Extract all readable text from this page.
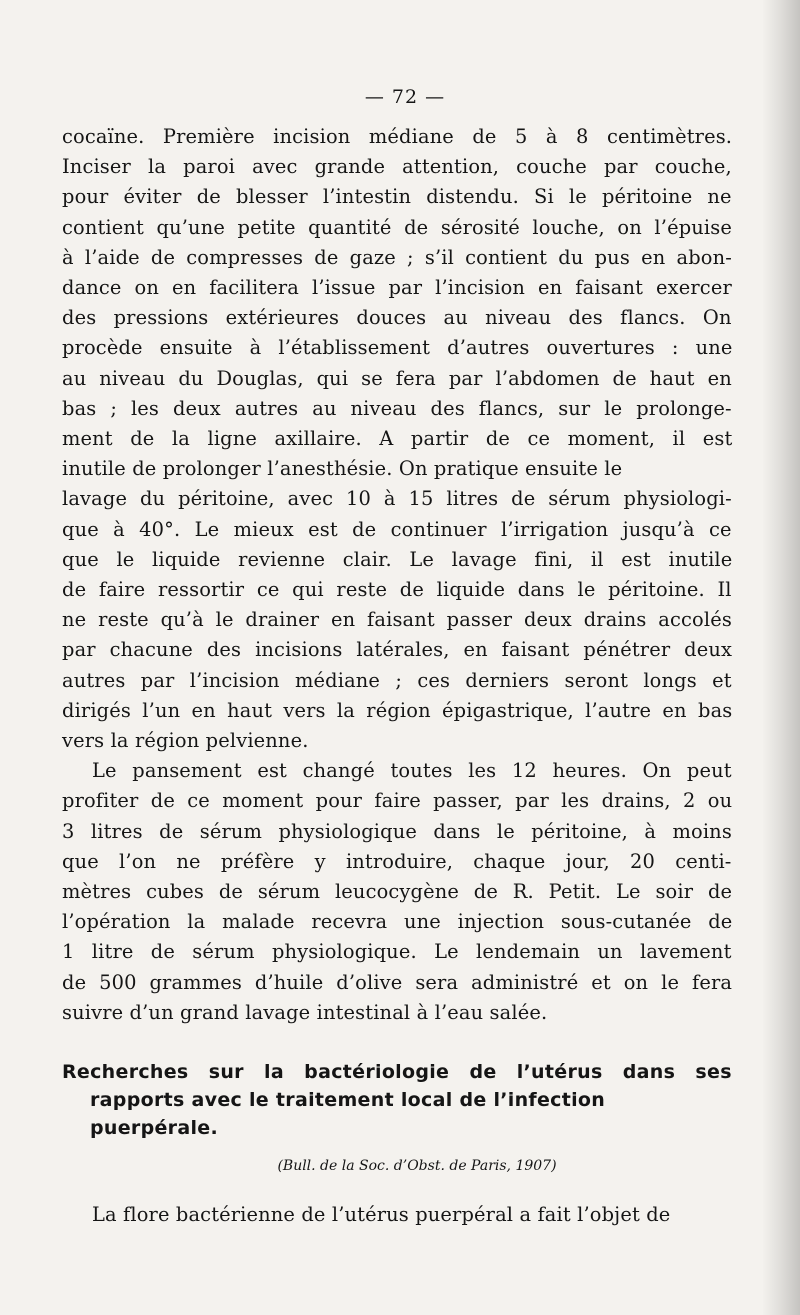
— 72 —
cocaïne. Première incision médiane de 5 à 8 centimètres.
Inciser la paroi avec grande attention, couche par couche,
pour éviter de blesser l’intestin distendu. Si le péritoine ne
contient qu’une petite quantité de sérosité louche, on l’épuise
à l’aide de compresses de gaze ; s’il contient du pus en abon-
dance on en facilitera l’issue par l’incision en faisant exercer
des pressions extérieures douces au niveau des flancs. On
procède ensuite à l’établissement d’autres ouvertures : une
au niveau du Douglas, qui se fera par l’abdomen de haut en
bas ; les deux autres au niveau des flancs, sur le prolonge-
ment de la ligne axillaire. A partir de ce moment, il est
inutile de prolonger l’anesthésie. On pratique ensuite le
lavage du péritoine, avec 10 à 15 litres de sérum physiologi-
que à 40°. Le mieux est de continuer l’irrigation jusqu’à ce
que le liquide revienne clair. Le lavage fini, il est inutile
de faire ressortir ce qui reste de liquide dans le péritoine. Il
ne reste qu’à le drainer en faisant passer deux drains accolés
par chacune des incisions latérales, en faisant pénétrer deux
autres par l’incision médiane ; ces derniers seront longs et
dirigés l’un en haut vers la région épigastrique, l’autre en bas
vers la région pelvienne.
Le pansement est changé toutes les 12 heures. On peut
profiter de ce moment pour faire passer, par les drains, 2 ou
3 litres de sérum physiologique dans le péritoine, à moins
que l’on ne préfère y introduire, chaque jour, 20 centi-
mètres cubes de sérum leucocygène de R. Petit. Le soir de
l’opération la malade recevra une injection sous-cutanée de
1 litre de sérum physiologique. Le lendemain un lavement
de 500 grammes d’huile d’olive sera administré et on le fera
suivre d’un grand lavage intestinal à l’eau salée.
Recherches sur la bactériologie de l’utérus dans ses
rapports avec le traitement local de l’infection
puerpérale.
(Bull. de la Soc. d’Obst. de Paris, 1907)
La flore bactérienne de l’utérus puerpéral a fait l’objet de
